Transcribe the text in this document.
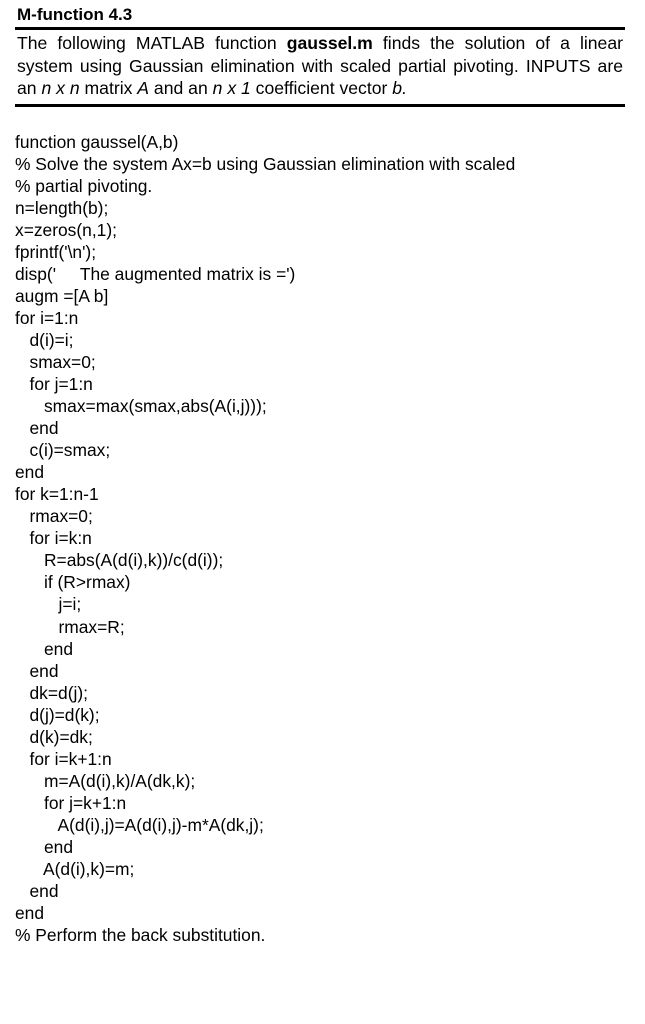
M-function 4.3

The following MATLAB function gaussel.m finds the solution of a linear system using Gaussian elimination with scaled partial pivoting. INPUTS are an n x n matrix A and an n x 1 coefficient vector b.

function gaussel(A,b)
% Solve the system Ax=b using Gaussian elimination with scaled
% partial pivoting.
n=length(b);
x=zeros(n,1);
fprintf('\n');
disp('     The augmented matrix is =')
augm =[A b]
for i=1:n
d(i)=i;
smax=0;
for j=1:n
smax=max(smax,abs(A(i,j)));
end
c(i)=smax;
end
for k=1:n-1
rmax=0;
for i=k:n
R=abs(A(d(i),k))/c(d(i));
if (R>rmax)
j=i;
rmax=R;
end
end
dk=d(j);
d(j)=d(k);
d(k)=dk;
for i=k+1:n
m=A(d(i),k)/A(dk,k);
for j=k+1:n
A(d(i),j)=A(d(i),j)-m*A(dk,j);
end
A(d(i),k)=m;
end
end
% Perform the back substitution.
